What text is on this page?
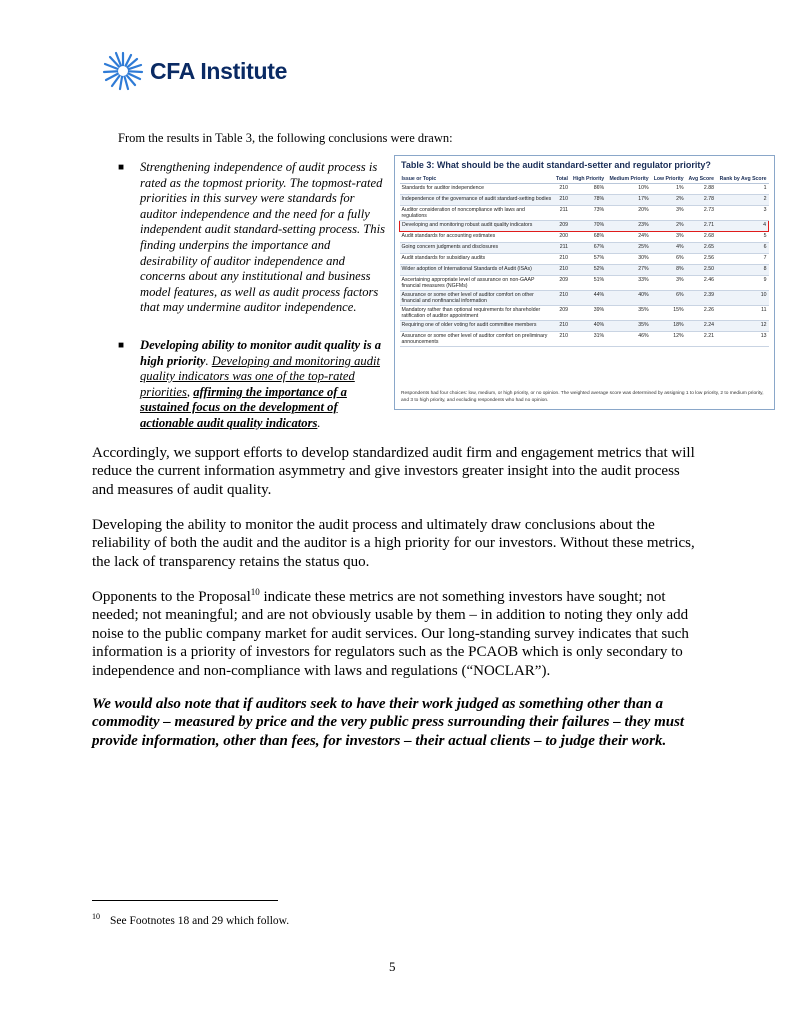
CFA Institute
From the results in Table 3, the following conclusions were drawn:
■ Strengthening independence of audit process is rated as the topmost priority. The topmost-rated priorities in this survey were standards for auditor independence and the need for a fully independent audit standard-setting process. This finding underpins the importance and desirability of auditor independence and concerns about any institutional and business model features, as well as audit process factors that may undermine auditor independence.
■ Developing ability to monitor audit quality is a high priority. Developing and monitoring audit quality indicators was one of the top-rated priorities, affirming the importance of a sustained focus on the development of actionable audit quality indicators.
Table 3: What should be the audit standard-setter and regulator priority?
Issue or Topic	Total	High Priority	Medium Priority	Low Priority	Avg Score	Rank by Avg Score
Standards for auditor independence	210	86%	10%	1%	2.88	1
Independence of the governance of audit standard-setting bodies	210	78%	17%	2%	2.78	2
Auditor consideration of noncompliance with laws and regulations	211	73%	20%	3%	2.73	3
Developing and monitoring robust audit quality indicators	209	70%	23%	2%	2.71	4
Audit standards for accounting estimates	200	68%	24%	3%	2.68	5
Going concern judgments and disclosures	211	67%	25%	4%	2.65	6
Audit standards for subsidiary audits	210	57%	30%	6%	2.56	7
Wider adoption of International Standards of Audit (ISAs)	210	52%	27%	8%	2.50	8
Ascertaining appropriate level of assurance on non-GAAP financial measures (NGFMs)	209	51%	33%	3%	2.46	9
Assurance or some other level of auditor comfort on other financial and nonfinancial information	210	44%	40%	6%	2.39	10
Mandatory rather than optional requirements for shareholder ratification of auditor appointment	209	39%	35%	15%	2.26	11
Requiring one of older voting for audit committee members	210	40%	35%	18%	2.24	12
Assurance or some other level of auditor comfort on preliminary announcements	210	31%	46%	12%	2.21	13
Respondents had four choices: low, medium, or high priority, or no opinion. The weighted average score was determined by assigning 1 to low priority, 2 to medium priority, and 3 to high priority, and excluding respondents who had no opinion.
Accordingly, we support efforts to develop standardized audit firm and engagement metrics that will reduce the current information asymmetry and give investors greater insight into the audit process and measures of audit quality.
Developing the ability to monitor the audit process and ultimately draw conclusions about the reliability of both the audit and the auditor is a high priority for our investors. Without these metrics, the lack of transparency retains the status quo.
Opponents to the Proposal$^{10}$ indicate these metrics are not something investors have sought; not needed; not meaningful; and are not obviously usable by them – in addition to noting they only add noise to the public company market for audit services. Our long-standing survey indicates that such information is a priority of investors for regulators such as the PCAOB which is only secondary to independence and non-compliance with laws and regulations (“NOCLAR”).
We would also note that if auditors seek to have their work judged as something other than a commodity – measured by price and the very public press surrounding their failures – they must provide information, other than fees, for investors – their actual clients – to judge their work.
$^{10}$ See Footnotes 18 and 29 which follow.
5
